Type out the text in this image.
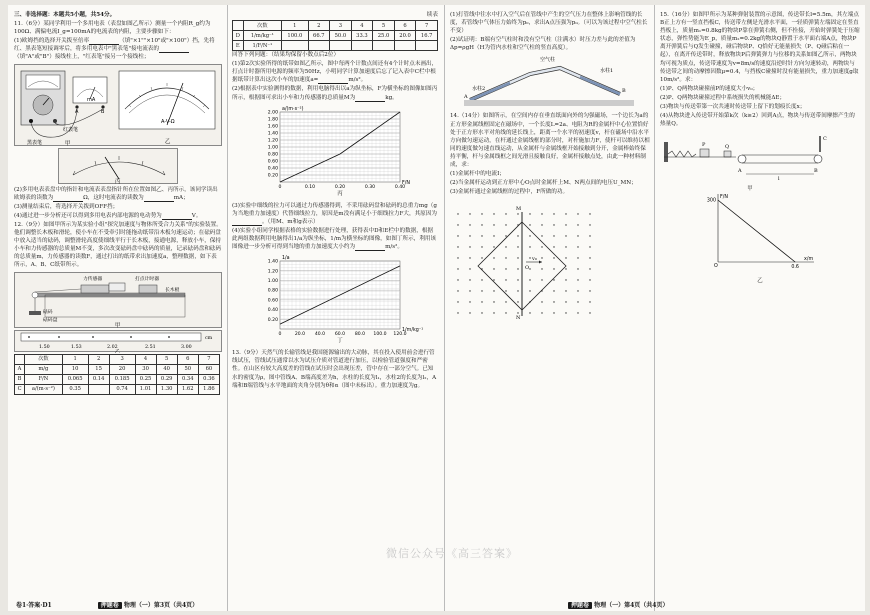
三、非选择题：本题共5小题，共54分。

11.（6分）某同学利用一个多用电表（表盘如图乙所示）测量一个内阻R_g约为100Ω、满偏电流I_g=100mA的电流表的内阻，主要步骤如下：

(1)欧姆挡的选择开关拨至倍率	（填"×1""×10"或"×100"）挡，先将红、黑表笔短接调零后，将多用电表中"黑表笔"接电流表的（填"A"或"B"）接线柱上，"红表笔"接另一个接线柱；

mA
A	B
A-V-Ω
黑表笔
红表笔
甲	乙
丙

(2)多用电表表盘中的指针和电流表表盘指针所在位置如图乙、丙所示，该同学读出欧姆表的读数为	Ω，这时电流表的读数为	mA；

(3)测量结束后，将选择开关拨到OFF挡；

(4)通过进一步分析还可以得到多用电表内部电源的电动势为	V。

12.（9分）如图甲所示为某实验小组"探究加速度与物体所受合力关系"的实验装置。他们调整长木板和滑轮，使小车在不受牵引时能拖动纸带沿木板匀速运动；在砝码盘中放入适当的砝码，调整滑轮高度使细线平行于长木板，接通电源，释放小车，保持小车和力传感器的总质量M不变，多次改变砝码盘中砝码的质量，记录砝码盘和砝码的总质量m，力传感器的读数F，通过打出的纸带求出加速度a，整理数据，如下表所示，A、B、C纸带所示。

力传感器	打点计时器
长木板
砝码
砝码盘
甲
1.50	1.53	2.02	2.51	3.00
cm
乙
	次数	1	2	3	4	5	6	7
A	m/g	10	15	20	30	40	50	60
B	F/N	0.065	0.14	0.185	0.25	0.29	0.34	0.36
C	a/(m·s⁻²)	0.35		0.74	1.01	1.30	1.62	1.86

续表

	次数	1	2	3	4	5	6	7
D	1/m/kg⁻¹	100.0	66.7	50.0	33.3	25.0	20.0	16.7
E	1/F/N⁻¹							

回答下列问题：（结果均保留小数点后2位）

(1)第2次实验所得的纸带如图乙所示，图中每两个计数点间还有4个计时点未画出，打点计时器所用电源的频率为50Hz，小明同学计算加速度后忘了记入表中C栏中根据纸带计算出这次小车的加速度a=	m/s²。

(2)根据表中实验测得的数据，利用电脑得出以a为纵坐标，F为横坐标的图像如图丙所示，根据图可求出小车和力传感器的总质量M为	kg。

0.20
0.40
0.60
0.80
1.00
1.20
1.40
1.60
1.80
2.00
0	0.10	0.20	0.30	0.40
a/(m·s⁻²)
F/N
丙

(3)实验中细线的拉力可以通过力传感器得到，不采用砝码盘和砝码的总重力mg（g为当地重力加速度）代替细线拉力，原因是m没有满足小于细线拉力F大，其原因为。（用M、m和g表示）

(4)实验小组同学根据表格的实验数据进行处理，获得表中D和E栏中的数据，根据此两组数据利用电脑得出1/a为纵坐标，1/m为横坐标的图像，如图丁所示，利用该图像进一步分析可得到当地的重力加速度大小约为	m/s²。

0.20
0.40
0.60
0.80
1.00
1.20
1.40
0	20.0 40.0 60.0 80.0 100.0 120.0
1/a
1/m/kg⁻¹
丁

13.（9分）天然气的长输管线是我国能源输出的大动脉，其在投入使用前会进行管线试压，管线试压通常以水为试压介质对管道进行加压，以检验管道强度和严密性。在山区有较大高度差的管线在试压时会出现压差，管中存在一部分空气。已知水的密度为ρ，图中管线A、B端高度差为h，水柱的长度为l₁，水柱2的长度为l₂，A端和B端管线与水平地面的夹角分别为θ和α（图中未标出）。重力加速度为g。

(1)打管线中往水中打入空气后在管线中产生的空气压力在整体上影响管线的长度，若管线中气体压力始终为p₀，求出A点压强为p₀。（可以为该过程中空气柱长不变）

(2)试证明：B端有空气柱时和没有空气柱（注满水）时压力差与此的差值为Δp=ρgH（H为管内水柱和空气柱的竖直高度）。

空气柱
水柱1
水柱2
A
B

14.（14分）如图所示，在空间内存在垂直纸面向外的匀强磁场，一个边长为a的正方形金属线框固定在磁场中，一个长度L=2a、电阻为R的金属杆中心位置恰好处于正方形水平对角线的延长线上，距离一个水平的初速度v，杆在磁场中沿水平方向做匀速运动，在杆通过金属线框的部分时，对杆施加力F，使杆可以维持以相同的速度做匀速直线运动，从金属杆与金属线框开始接触到分开，金属棒始终保持平衡，杆与金属线框之间光滑且接触良好，金属杆接触点处，由此一种材料制成，求：

(1)金属杆中的电流I；

(2)当金属杆运动到正方形中心O点时金属杆上M、N两点间的电压U_MN；

(3)金属杆通过金属线框的过程中，F所做的功。

M
N
O
v₀

15.（16分）如图甲所示为某种弹射装置的示意图，传送带长l=5.5m，其左端点B正上方有一竖直挡板C，传送带左侧是光滑水平面，一轻质弹簧左端固定在竖直挡板上，质量m₁=0.8kg的物块P靠在弹簧右侧，但不拴接，开始时弹簧处于压缩状态，弹性势能为E_p，质量m₂=0.2kg的物块Q静置于水平面右端A点，物块P离开弹簧后与Q发生碰撞，碰后物块P、Q恰好无能量损失（P、Q碰后粘在一起），在离开传送带时，释放物块P后弹簧弹力与位移的关系如图乙所示，两物块均可视为质点，传送带速度为v=8m/s的速度沿逆时针方向匀速转动，两物块与传送带之间的动摩擦因数μ=0.4，与挡板C碰撞时没有能量损失，重力加速度g取10m/s²。求：

(1)P、Q两物块碰撞前P的速度大小v₀；

(2)P、Q两物块碰撞过程中系统损失的机械能ΔE；

(3)物块与传送带第一次共速时传送带上留下的划痕长度x；

(4)从物块进入传送带开始第k次（k≥2）回到A点，物块与传送带间摩擦产生的热量Q。

P	Q
A	B
C
l
甲
300
0.6
O
F/N
x/m
乙
微信公众号《高三答案》
卷1·答案·D1	押题卷 物理（一）第3页（共4页）	押题卷 物理（一）第4页（共4页）
